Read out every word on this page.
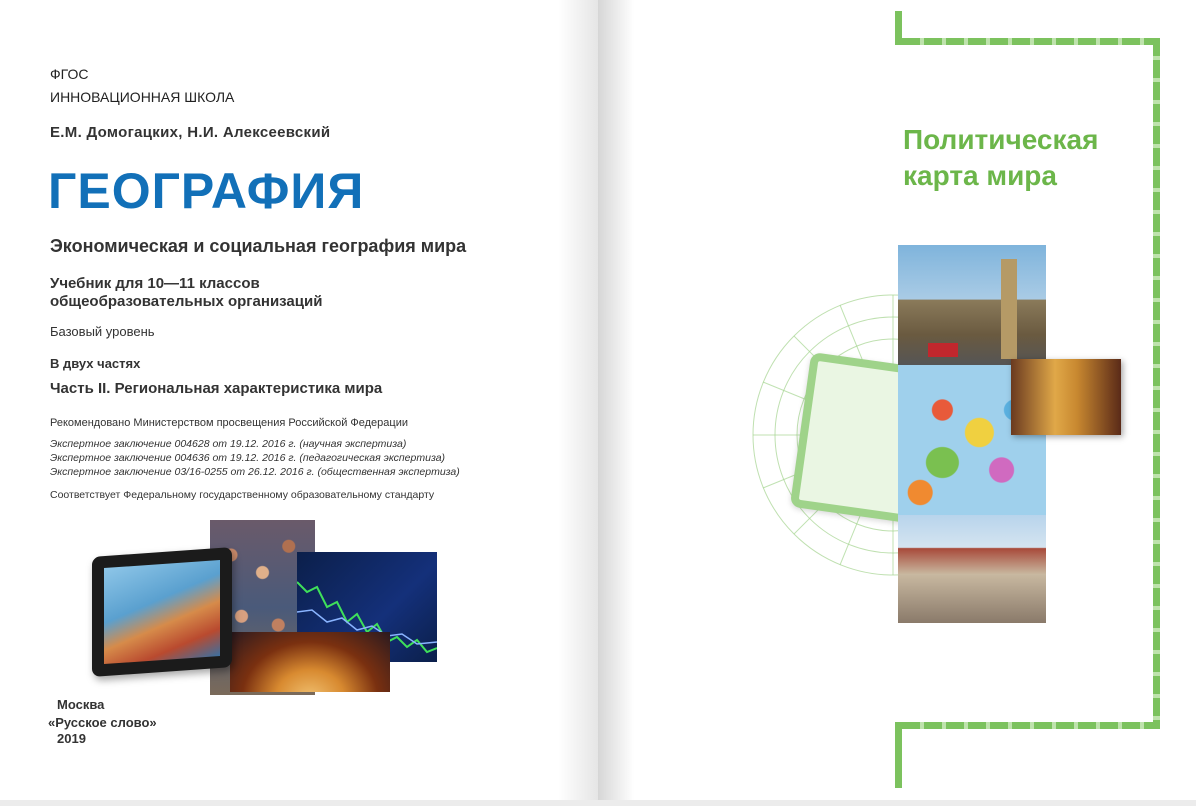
ФГОС
ИННОВАЦИОННАЯ ШКОЛА
Е.М. Домогацких, Н.И. Алексеевский
ГЕОГРАФИЯ
Экономическая и социальная география мира
Учебник для 10—11 классов
общеобразовательных организаций
Базовый уровень
В двух частях
Часть II. Региональная характеристика мира
Рекомендовано Министерством просвещения Российской Федерации
Экспертное заключение 004628 от 19.12. 2016 г. (научная экспертиза)
Экспертное заключение 004636 от 19.12. 2016 г. (педагогическая экспертиза)
Экспертное заключение 03/16-0255 от 26.12. 2016 г. (общественная экспертиза)
Соответствует Федеральному государственному образовательному стандарту
Москва
«Русское слово»
2019
Политическая
карта мира
